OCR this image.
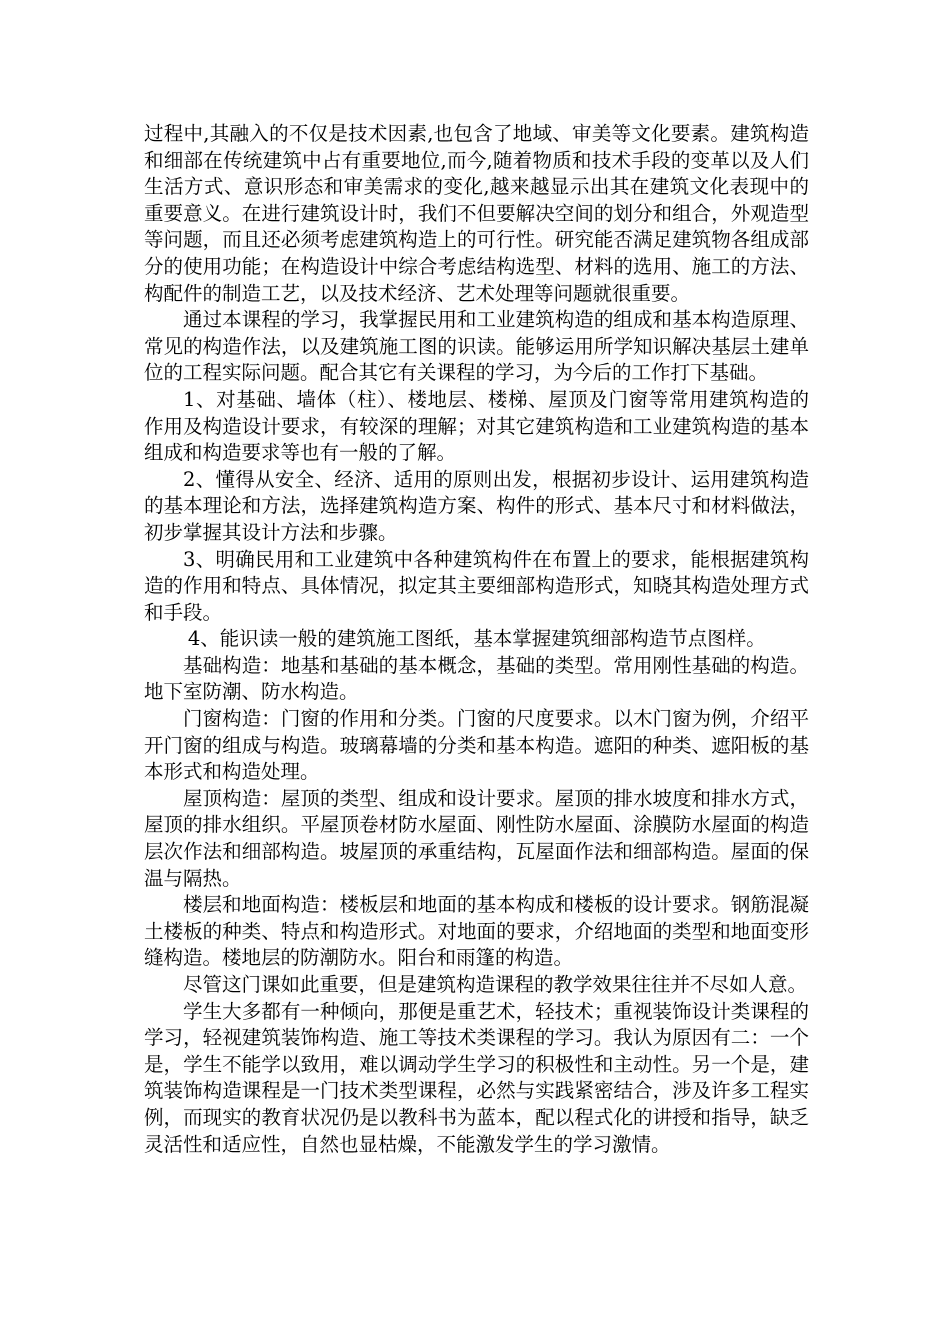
过程中,其融入的不仅是技术因素,也包含了地域、审美等文化要素。建筑构造和细部在传统建筑中占有重要地位,而今,随着物质和技术手段的变革以及人们生活方式、意识形态和审美需求的变化,越来越显示出其在建筑文化表现中的重要意义。在进行建筑设计时，我们不但要解决空间的划分和组合，外观造型等问题，而且还必须考虑建筑构造上的可行性。研究能否满足建筑物各组成部分的使用功能；在构造设计中综合考虑结构选型、材料的选用、施工的方法、构配件的制造工艺，以及技术经济、艺术处理等问题就很重要。

通过本课程的学习，我掌握民用和工业建筑构造的组成和基本构造原理、常见的构造作法，以及建筑施工图的识读。能够运用所学知识解决基层土建单位的工程实际问题。配合其它有关课程的学习，为今后的工作打下基础。

1、对基础、墙体（柱）、楼地层、楼梯、屋顶及门窗等常用建筑构造的作用及构造设计要求，有较深的理解；对其它建筑构造和工业建筑构造的基本组成和构造要求等也有一般的了解。

2、懂得从安全、经济、适用的原则出发，根据初步设计、运用建筑构造的基本理论和方法，选择建筑构造方案、构件的形式、基本尺寸和材料做法，初步掌握其设计方法和步骤。

3、明确民用和工业建筑中各种建筑构件在布置上的要求，能根据建筑构造的作用和特点、具体情况，拟定其主要细部构造形式，知晓其构造处理方式和手段。

4、能识读一般的建筑施工图纸，基本掌握建筑细部构造节点图样。

基础构造：地基和基础的基本概念，基础的类型。常用刚性基础的构造。地下室防潮、防水构造。

门窗构造：门窗的作用和分类。门窗的尺度要求。以木门窗为例，介绍平开门窗的组成与构造。玻璃幕墙的分类和基本构造。遮阳的种类、遮阳板的基本形式和构造处理。

屋顶构造：屋顶的类型、组成和设计要求。屋顶的排水坡度和排水方式，屋顶的排水组织。平屋顶卷材防水屋面、刚性防水屋面、涂膜防水屋面的构造层次作法和细部构造。坡屋顶的承重结构，瓦屋面作法和细部构造。屋面的保温与隔热。

楼层和地面构造：楼板层和地面的基本构成和楼板的设计要求。钢筋混凝土楼板的种类、特点和构造形式。对地面的要求，介绍地面的类型和地面变形缝构造。楼地层的防潮防水。阳台和雨篷的构造。

尽管这门课如此重要，但是建筑构造课程的教学效果往往并不尽如人意。

学生大多都有一种倾向，那便是重艺术，轻技术；重视装饰设计类课程的学习，轻视建筑装饰构造、施工等技术类课程的学习。我认为原因有二：一个是，学生不能学以致用，难以调动学生学习的积极性和主动性。另一个是，建筑装饰构造课程是一门技术类型课程，必然与实践紧密结合，涉及许多工程实例，而现实的教育状况仍是以教科书为蓝本，配以程式化的讲授和指导，缺乏灵活性和适应性，自然也显枯燥，不能激发学生的学习激情。
